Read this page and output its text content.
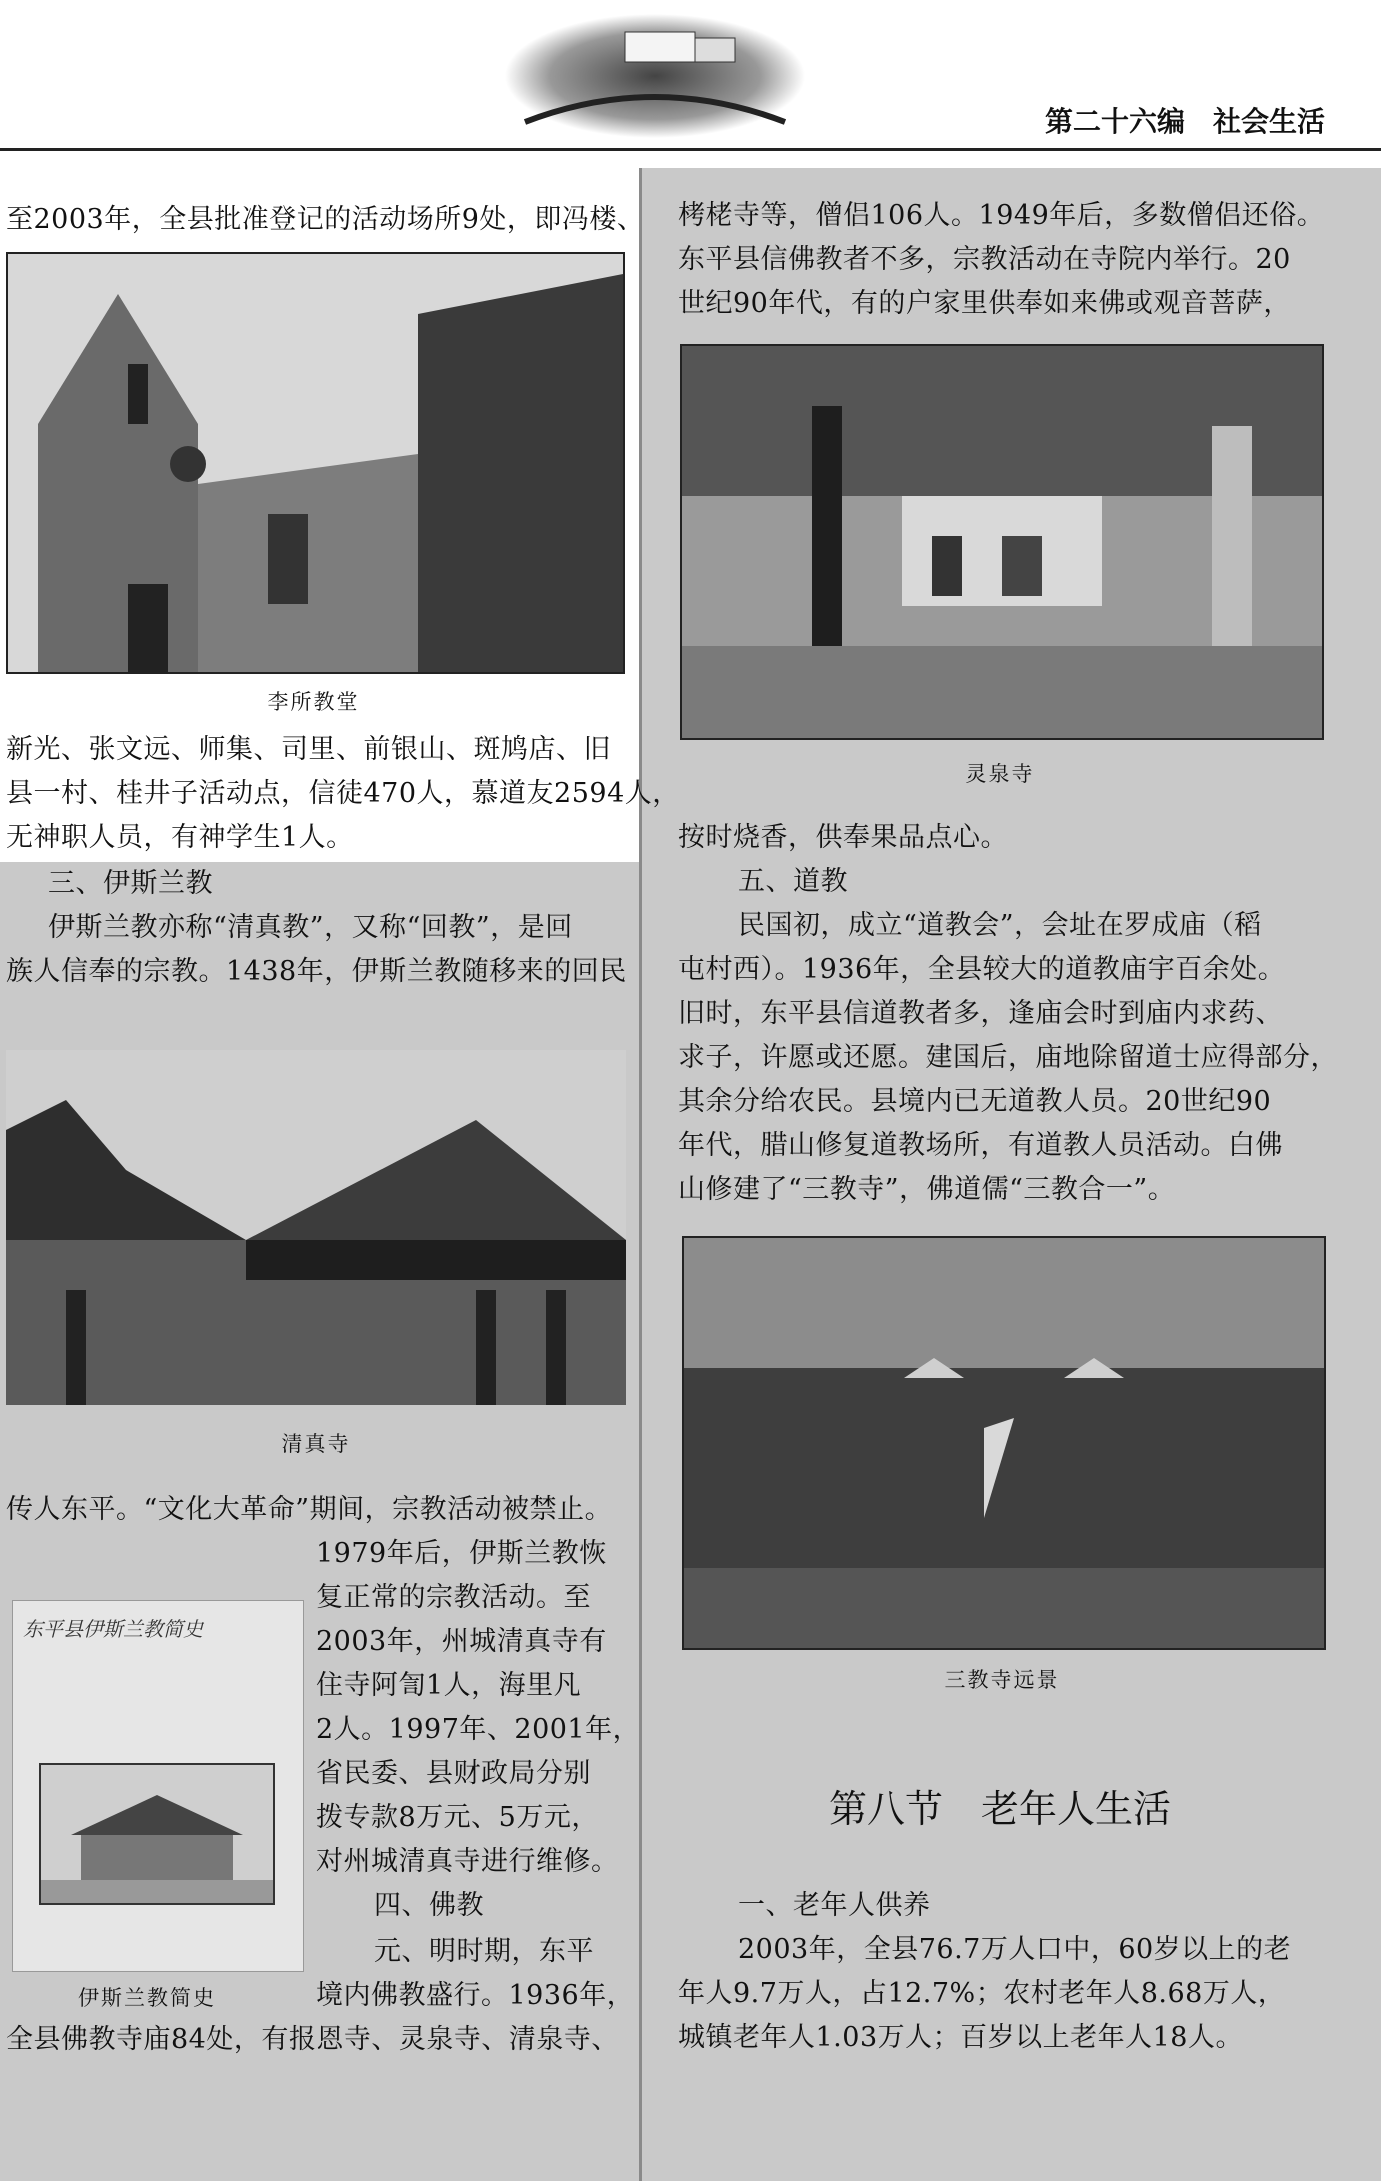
第二十六编　社会生活
至2003年，全县批准登记的活动场所9处，即冯楼、
李所教堂
新光、张文远、师集、司里、前银山、斑鸠店、旧
县一村、桂井子活动点，信徒470人，慕道友2594人，
无神职人员，有神学生1人。
三、伊斯兰教
伊斯兰教亦称“清真教”，又称“回教”，是回
族人信奉的宗教。1438年，伊斯兰教随移来的回民
清真寺
传人东平。“文化大革命”期间，宗教活动被禁止。
东平县伊斯兰教简史
伊斯兰教简史
1979年后，伊斯兰教恢
复正常的宗教活动。至
2003年，州城清真寺有
住寺阿訇1人，海里凡
2人。1997年、2001年，
省民委、县财政局分别
拨专款8万元、5万元，
对州城清真寺进行维修。
四、佛教
元、明时期，东平
境内佛教盛行。1936年，
全县佛教寺庙84处，有报恩寺、灵泉寺、清泉寺、
栲栳寺等，僧侣106人。1949年后，多数僧侣还俗。
东平县信佛教者不多，宗教活动在寺院内举行。20
世纪90年代，有的户家里供奉如来佛或观音菩萨，
灵泉寺
按时烧香，供奉果品点心。
五、道教
民国初，成立“道教会”，会址在罗成庙（稻
屯村西）。1936年，全县较大的道教庙宇百余处。
旧时，东平县信道教者多，逢庙会时到庙内求药、
求子，许愿或还愿。建国后，庙地除留道士应得部分，
其余分给农民。县境内已无道教人员。20世纪90
年代，腊山修复道教场所，有道教人员活动。白佛
山修建了“三教寺”，佛道儒“三教合一”。
三教寺远景
第八节　老年人生活
一、老年人供养
2003年，全县76.7万人口中，60岁以上的老
年人9.7万人，占12.7%；农村老年人8.68万人，
城镇老年人1.03万人；百岁以上老年人18人。
